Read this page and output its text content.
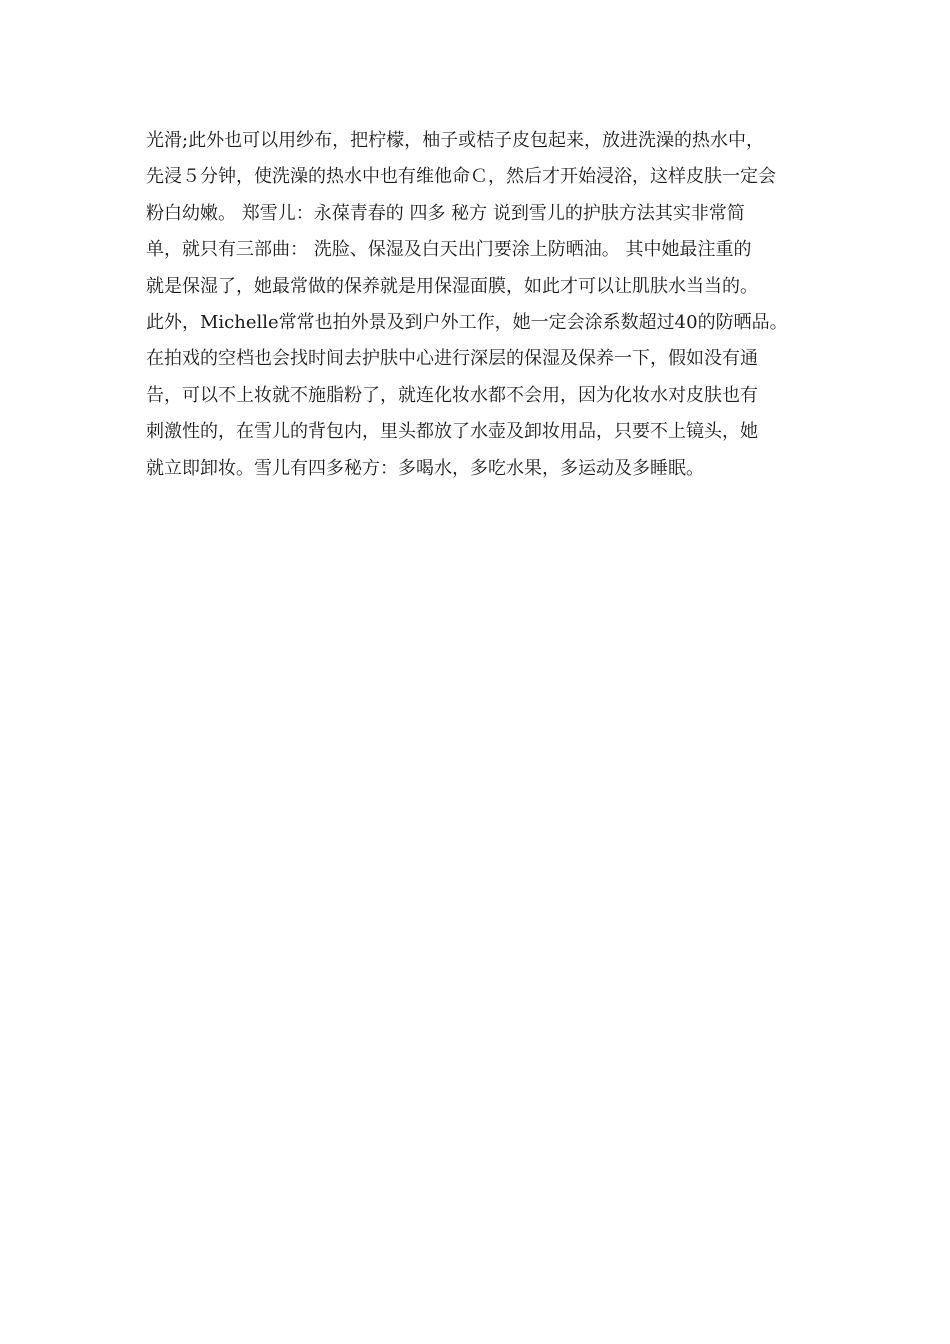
光滑;此外也可以用纱布，把柠檬，柚子或桔子皮包起来，放进洗澡的热水中，
先浸５分钟，使洗澡的热水中也有维他命Ｃ，然后才开始浸浴，这样皮肤一定会
粉白幼嫩。 郑雪儿：永葆青春的 四多 秘方 说到雪儿的护肤方法其实非常简
单，就只有三部曲： 洗脸、保湿及白天出门要涂上防晒油。 其中她最注重的
就是保湿了，她最常做的保养就是用保湿面膜，如此才可以让肌肤水当当的。
此外，Michelle常常也拍外景及到户外工作，她一定会涂系数超过40的防晒品。
在拍戏的空档也会找时间去护肤中心进行深层的保湿及保养一下，假如没有通
告，可以不上妆就不施脂粉了，就连化妆水都不会用，因为化妆水对皮肤也有
刺激性的，在雪儿的背包内，里头都放了水壶及卸妆用品，只要不上镜头，她
就立即卸妆。雪儿有四多秘方：多喝水，多吃水果，多运动及多睡眠。
